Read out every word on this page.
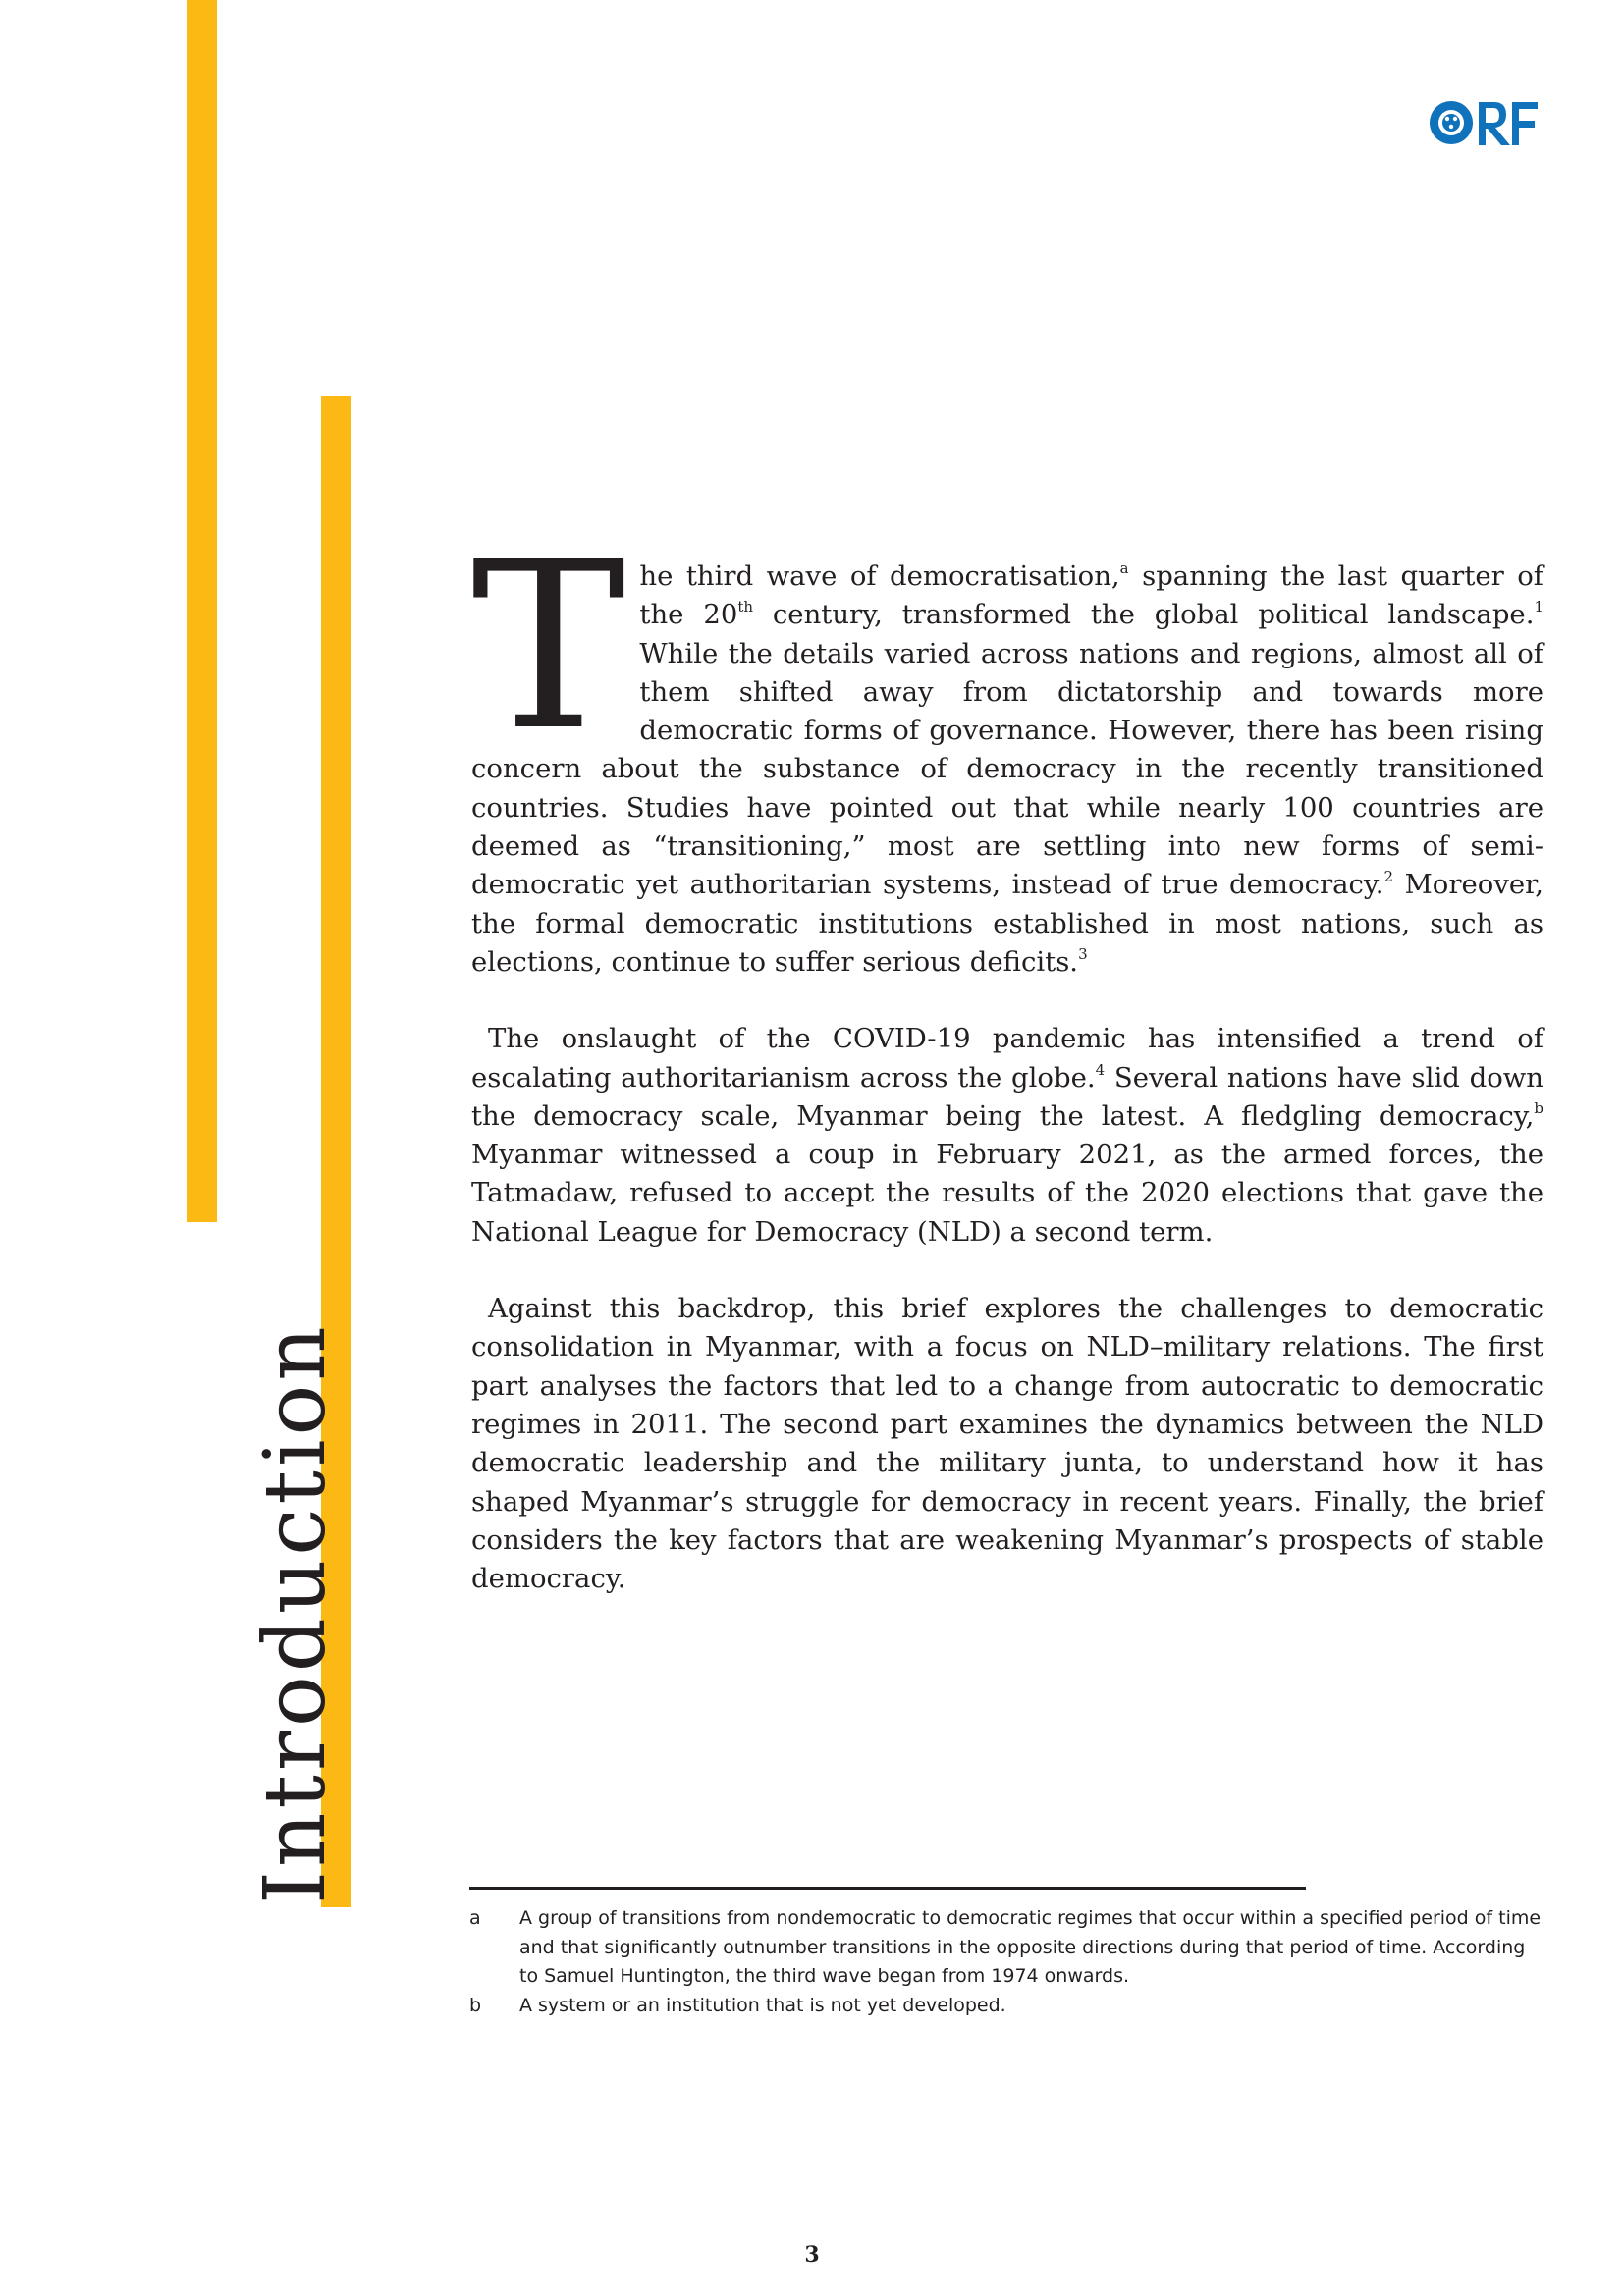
Introduction

The third wave of democratisation,$^a$ spanning the last quarter of the 20th century, transformed the global political landscape.$^1$ While the details varied across nations and regions, almost all of them shifted away from dictatorship and towards more democratic forms of governance. However, there has been rising concern about the substance of democracy in the recently transitioned countries. Studies have pointed out that while nearly 100 countries are deemed as “transitioning,” most are settling into new forms of semi-democratic yet authoritarian systems, instead of true democracy.$^2$ Moreover, the formal democratic institutions established in most nations, such as elections, continue to suffer serious deficits.$^3$

The onslaught of the COVID-19 pandemic has intensified a trend of escalating authoritarianism across the globe.$^4$ Several nations have slid down the democracy scale, Myanmar being the latest. A fledgling democracy,$^b$ Myanmar witnessed a coup in February 2021, as the armed forces, the Tatmadaw, refused to accept the results of the 2020 elections that gave the National League for Democracy (NLD) a second term.

Against this backdrop, this brief explores the challenges to democratic consolidation in Myanmar, with a focus on NLD–military relations. The first part analyses the factors that led to a change from autocratic to democratic regimes in 2011. The second part examines the dynamics between the NLD democratic leadership and the military junta, to understand how it has shaped Myanmar’s struggle for democracy in recent years. Finally, the brief considers the key factors that are weakening Myanmar’s prospects of stable democracy.

a	A group of transitions from nondemocratic to democratic regimes that occur within a specified period of time and that significantly outnumber transitions in the opposite directions during that period of time. According to Samuel Huntington, the third wave began from 1974 onwards.
b	A system or an institution that is not yet developed.
3
